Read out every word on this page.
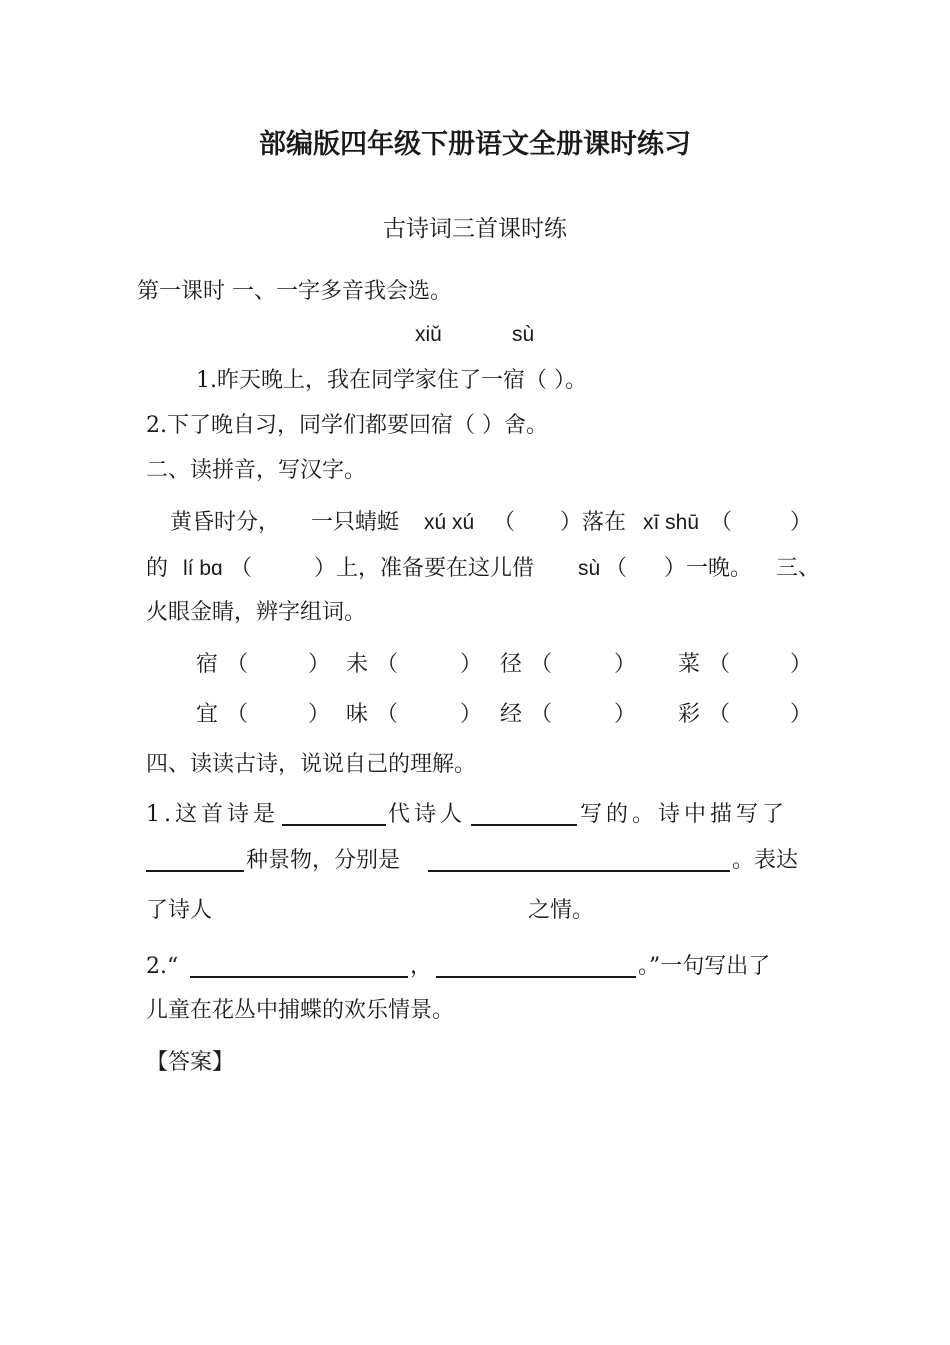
部编版四年级下册语文全册课时练习
古诗词三首课时练
第一课时 一、一字多音我会选。
xiǔ	sù
1.昨天晚上，我在同学家住了一宿（ ）。
2.下了晚自习，同学们都要回宿（ ）舍。
二、读拼音，写汉字。
黄昏时分， 一只蜻蜓 xú xú （ ）落在 xī shū （	）
的 lí bɑ （	）上，准备要在这儿借 sù （ ）一晚。 三、
火眼金睛，辨字组词。
宿 （	） 未 （	） 径 （	） 菜 （	）
宜 （	） 味 （	） 经 （	） 彩 （	）
四、读读古诗，说说自己的理解。
1.这首诗是	代诗人	写的。诗中描写了
种景物，分别是	。表达
了诗人	之情。
2.“	，	。”一句写出了
儿童在花丛中捕蝶的欢乐情景。
【答案】
